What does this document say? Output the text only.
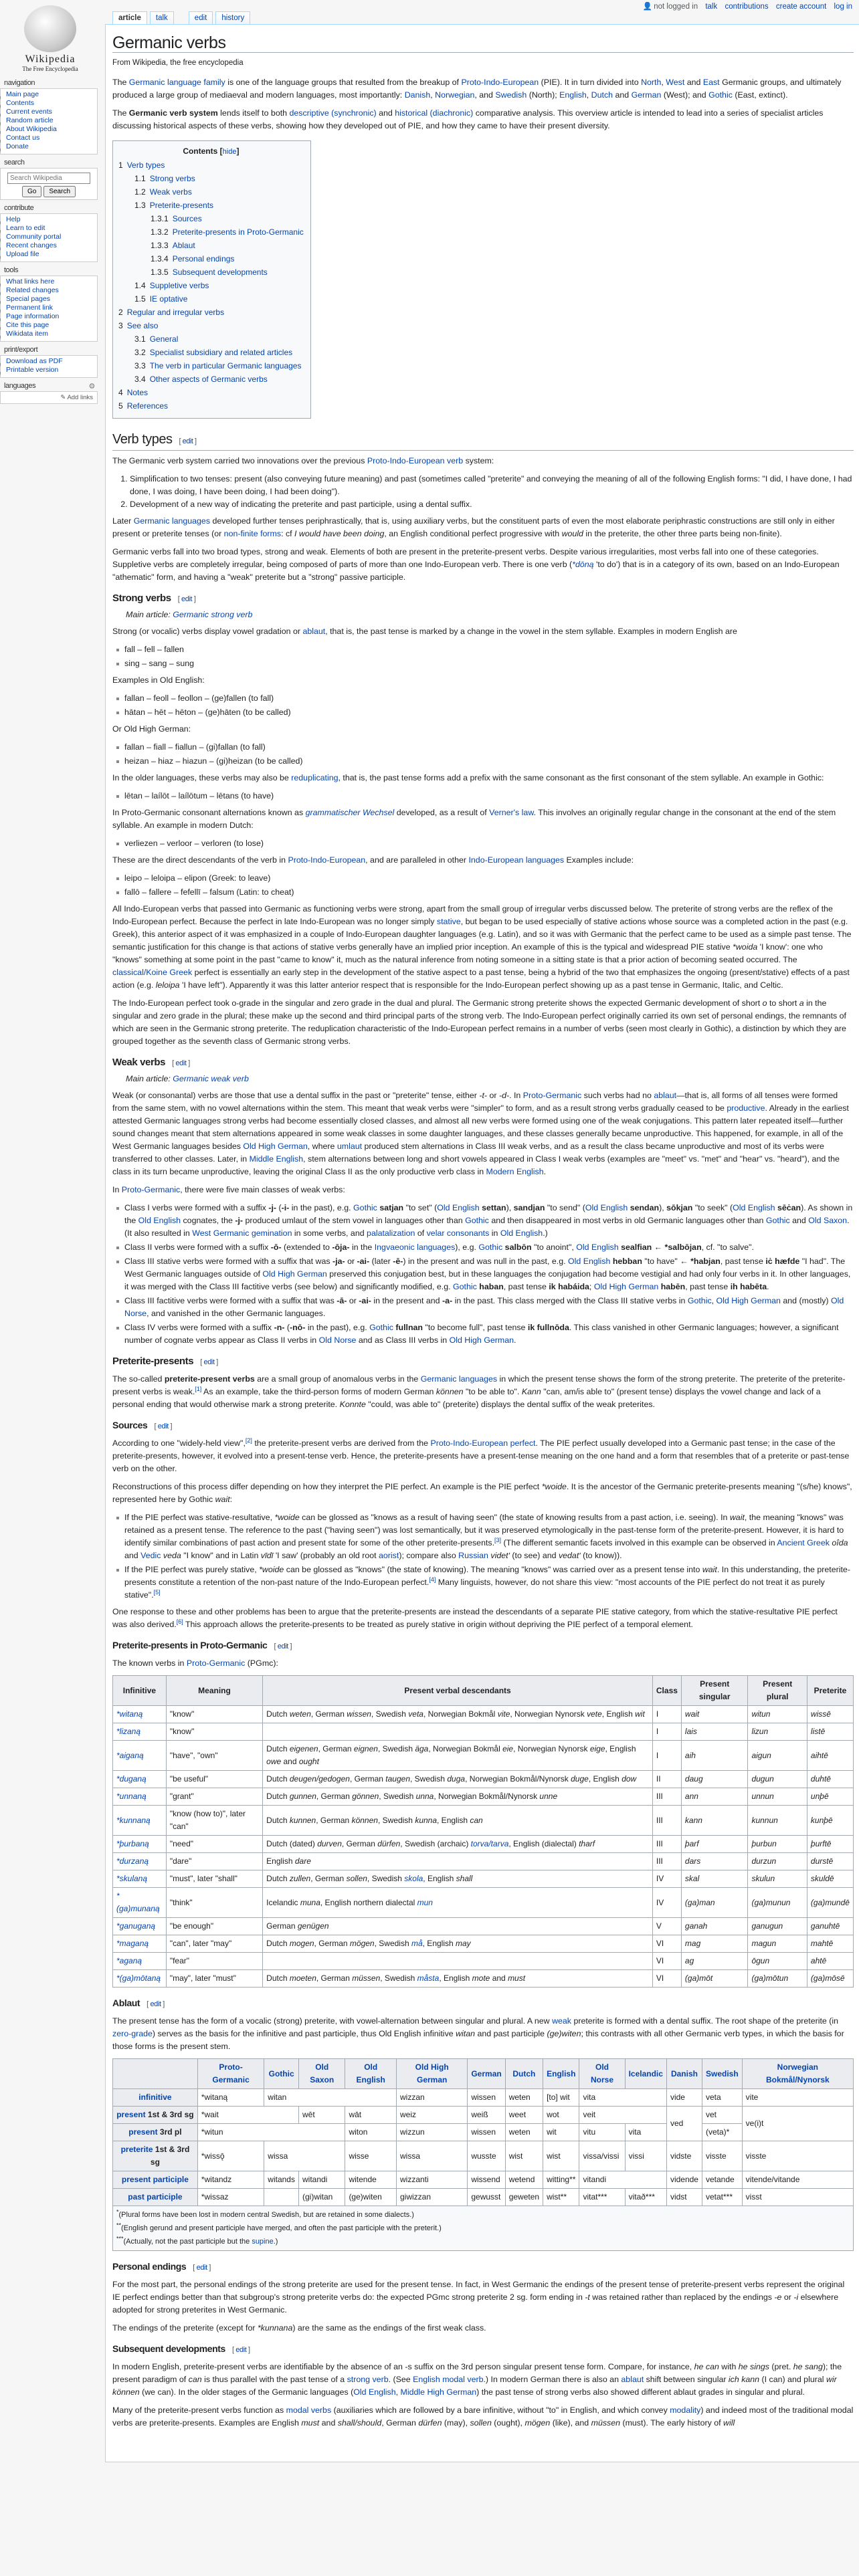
Wikipedia
The Free Encyclopedia
navigation
■ Main page
■ Contents
■ Current events
■ Random article
■ About Wikipedia
■ Contact us
■ Donate
search
Search Wikipedia
Go Search
contribute
■ Help
■ Learn to edit
■ Community portal
■ Recent changes
■ Upload file
tools
■ What links here
■ Related changes
■ Special pages
■ Permanent link
■ Page information
■ Cite this page
■ Wikidata item
print/export
■ Download as PDF
■ Printable version
languages	⚙
✎ Add links
👤 not logged in talk contributions create account log in
article	talk	edit	history
Germanic verbs
From Wikipedia, the free encyclopedia

The Germanic language family is one of the language groups that resulted from the breakup of Proto-Indo-European (PIE). It in turn divided into North, West and East Germanic groups, and ultimately produced a large group of mediaeval and modern languages, most importantly: Danish, Norwegian, and Swedish (North); English, Dutch and German (West); and Gothic (East, extinct).

The Germanic verb system lends itself to both descriptive (synchronic) and historical (diachronic) comparative analysis. This overview article is intended to lead into a series of specialist articles discussing historical aspects of these verbs, showing how they developed out of PIE, and how they came to have their present diversity.

Contents [hide]
1 Verb types
1.1 Strong verbs
1.2 Weak verbs
1.3 Preterite-presents
1.3.1 Sources
1.3.2 Preterite-presents in Proto-Germanic
1.3.3 Ablaut
1.3.4 Personal endings
1.3.5 Subsequent developments
1.4 Suppletive verbs
1.5 IE optative
2 Regular and irregular verbs
3 See also
3.1 General
3.2 Specialist subsidiary and related articles
3.3 The verb in particular Germanic languages
3.4 Other aspects of Germanic verbs
4 Notes
5 References
Verb types [ edit ]

The Germanic verb system carried two innovations over the previous Proto-Indo-European verb system:

1. Simplification to two tenses: present (also conveying future meaning) and past (sometimes called "preterite" and conveying the meaning of all of the following English forms: "I did, I have done, I had done, I was doing, I have been doing, I had been doing").
2. Development of a new way of indicating the preterite and past participle, using a dental suffix.

Later Germanic languages developed further tenses periphrastically, that is, using auxiliary verbs, but the constituent parts of even the most elaborate periphrastic constructions are still only in either present or preterite tenses (or non-finite forms: cf I would have been doing, an English conditional perfect progressive with would in the preterite, the other three parts being non-finite).

Germanic verbs fall into two broad types, strong and weak. Elements of both are present in the preterite-present verbs. Despite various irregularities, most verbs fall into one of these categories. Suppletive verbs are completely irregular, being composed of parts of more than one Indo-European verb. There is one verb (*dōną 'to do') that is in a category of its own, based on an Indo-European "athematic" form, and having a "weak" preterite but a "strong" passive participle.

Strong verbs [ edit ]
Main article: Germanic strong verb

Strong (or vocalic) verbs display vowel gradation or ablaut, that is, the past tense is marked by a change in the vowel in the stem syllable. Examples in modern English are

fall – fell – fallen
sing – sang – sung

Examples in Old English:

fallan – feoll – feollon – (ge)fallen (to fall)
hātan – hēt – hēton – (ge)hāten (to be called)

Or Old High German:

fallan – fiall – fiallun – (gi)fallan (to fall)
heizan – hiaz – hiazun – (gi)heizan (to be called)

In the older languages, these verbs may also be reduplicating, that is, the past tense forms add a prefix with the same consonant as the first consonant of the stem syllable. An example in Gothic:

lētan – laílōt – laílōtum – lētans (to have)

In Proto-Germanic consonant alternations known as grammatischer Wechsel developed, as a result of Verner's law. This involves an originally regular change in the consonant at the end of the stem syllable. An example in modern Dutch:

verliezen – verloor – verloren (to lose)

These are the direct descendants of the verb in Proto-Indo-European, and are paralleled in other Indo-European languages Examples include:

leipo – leloipa – elipon (Greek: to leave)
fallō – fallere – fefellī – falsum (Latin: to cheat)

All Indo-European verbs that passed into Germanic as functioning verbs were strong, apart from the small group of irregular verbs discussed below. The preterite of strong verbs are the reflex of the Indo-European perfect. Because the perfect in late Indo-European was no longer simply stative, but began to be used especially of stative actions whose source was a completed action in the past (e.g. Greek), this anterior aspect of it was emphasized in a couple of Indo-European daughter languages (e.g. Latin), and so it was with Germanic that the perfect came to be used as a simple past tense. The semantic justification for this change is that actions of stative verbs generally have an implied prior inception. An example of this is the typical and widespread PIE stative *woida 'I know': one who "knows" something at some point in the past "came to know" it, much as the natural inference from noting someone in a sitting state is that a prior action of becoming seated occurred. The classical/Koine Greek perfect is essentially an early step in the development of the stative aspect to a past tense, being a hybrid of the two that emphasizes the ongoing (present/stative) effects of a past action (e.g. leloipa 'I have left"). Apparently it was this latter anterior respect that is responsible for the Indo-European perfect showing up as a past tense in Germanic, Italic, and Celtic.

The Indo-European perfect took o-grade in the singular and zero grade in the dual and plural. The Germanic strong preterite shows the expected Germanic development of short o to short a in the singular and zero grade in the plural; these make up the second and third principal parts of the strong verb. The Indo-European perfect originally carried its own set of personal endings, the remnants of which are seen in the Germanic strong preterite. The reduplication characteristic of the Indo-European perfect remains in a number of verbs (seen most clearly in Gothic), a distinction by which they are grouped together as the seventh class of Germanic strong verbs.

Weak verbs [ edit ]
Main article: Germanic weak verb

Weak (or consonantal) verbs are those that use a dental suffix in the past or "preterite" tense, either -t- or -d-. In Proto-Germanic such verbs had no ablaut—that is, all forms of all tenses were formed from the same stem, with no vowel alternations within the stem. This meant that weak verbs were "simpler" to form, and as a result strong verbs gradually ceased to be productive. Already in the earliest attested Germanic languages strong verbs had become essentially closed classes, and almost all new verbs were formed using one of the weak conjugations. This pattern later repeated itself—further sound changes meant that stem alternations appeared in some weak classes in some daughter languages, and these classes generally became unproductive. This happened, for example, in all of the West Germanic languages besides Old High German, where umlaut produced stem alternations in Class III weak verbs, and as a result the class became unproductive and most of its verbs were transferred to other classes. Later, in Middle English, stem alternations between long and short vowels appeared in Class I weak verbs (examples are "meet" vs. "met" and "hear" vs. "heard"), and the class in its turn became unproductive, leaving the original Class II as the only productive verb class in Modern English.

In Proto-Germanic, there were five main classes of weak verbs:

Class I verbs were formed with a suffix -j- (-i- in the past), e.g. Gothic satjan "to set" (Old English settan), sandjan "to send" (Old English sendan), sōkjan "to seek" (Old English sēċan). As shown in the Old English cognates, the -j- produced umlaut of the stem vowel in languages other than Gothic and then disappeared in most verbs in old Germanic languages other than Gothic and Old Saxon. (It also resulted in West Germanic gemination in some verbs, and palatalization of velar consonants in Old English.)
Class II verbs were formed with a suffix -ō- (extended to -ōja- in the Ingvaeonic languages), e.g. Gothic salbōn "to anoint", Old English sealfian ← *salbōjan, cf. "to salve".
Class III stative verbs were formed with a suffix that was -ja- or -ai- (later -ē-) in the present and was null in the past, e.g. Old English hebban "to have" ← *habjan, past tense iċ hæfde "I had". The West Germanic languages outside of Old High German preserved this conjugation best, but in these languages the conjugation had become vestigial and had only four verbs in it. In other languages, it was merged with the Class III factitive verbs (see below) and significantly modified, e.g. Gothic haban, past tense ik habáida; Old High German habēn, past tense ih habēta.
Class III factitive verbs were formed with a suffix that was -ā- or -ai- in the present and -a- in the past. This class merged with the Class III stative verbs in Gothic, Old High German and (mostly) Old Norse, and vanished in the other Germanic languages.
Class IV verbs were formed with a suffix -n- (-nō- in the past), e.g. Gothic fullnan "to become full", past tense ik fullnōda. This class vanished in other Germanic languages; however, a significant number of cognate verbs appear as Class II verbs in Old Norse and as Class III verbs in Old High German.
Preterite-presents [ edit ]

The so-called preterite-present verbs are a small group of anomalous verbs in the Germanic languages in which the present tense shows the form of the strong preterite. The preterite of the preterite-present verbs is weak.[1] As an example, take the third-person forms of modern German können "to be able to". Kann "can, am/is able to" (present tense) displays the vowel change and lack of a personal ending that would otherwise mark a strong preterite. Konnte "could, was able to" (preterite) displays the dental suffix of the weak preterites.

Sources [ edit ]

According to one "widely-held view",[2] the preterite-present verbs are derived from the Proto-Indo-European perfect. The PIE perfect usually developed into a Germanic past tense; in the case of the preterite-presents, however, it evolved into a present-tense verb. Hence, the preterite-presents have a present-tense meaning on the one hand and a form that resembles that of a preterite or past-tense verb on the other.

Reconstructions of this process differ depending on how they interpret the PIE perfect. An example is the PIE perfect *woide. It is the ancestor of the Germanic preterite-presents meaning "(s/he) knows", represented here by Gothic wait:

If the PIE perfect was stative-resultative, *woide can be glossed as "knows as a result of having seen" (the state of knowing results from a past action, i.e. seeing). In wait, the meaning "knows" was retained as a present tense. The reference to the past ("having seen") was lost semantically, but it was preserved etymologically in the past-tense form of the preterite-present. However, it is hard to identify similar combinations of past action and present state for some of the other preterite-presents.[3] (The different semantic facets involved in this example can be observed in Ancient Greek oîda and Vedic veda "I know" and in Latin vīdī 'I saw' (probably an old root aorist); compare also Russian videtʹ (to see) and vedatʹ (to know)).
If the PIE perfect was purely stative, *woide can be glossed as "knows" (the state of knowing). The meaning "knows" was carried over as a present tense into wait. In this understanding, the preterite-presents constitute a retention of the non-past nature of the Indo-European perfect.[4] Many linguists, however, do not share this view: "most accounts of the PIE perfect do not treat it as purely stative".[5]

One response to these and other problems has been to argue that the preterite-presents are instead the descendants of a separate PIE stative category, from which the stative-resultative PIE perfect was also derived.[6] This approach allows the preterite-presents to be treated as purely stative in origin without depriving the PIE perfect of a temporal element.

Preterite-presents in Proto-Germanic [ edit ]

The known verbs in Proto-Germanic (PGmc):

Infinitive	Meaning	Present verbal descendants	Class	Present singular	Present plural	Preterite
*witaną	"know"	Dutch weten, German wissen, Swedish veta, Norwegian Bokmål vite, Norwegian Nynorsk vete, English wit	I	wait	witun	wissē
*lizaną	"know"		I	lais	lizun	listē
*aiganą	"have", "own"	Dutch eigenen, German eignen, Swedish äga, Norwegian Bokmål eie, Norwegian Nynorsk eige, English owe and ought	I	aih	aigun	aihtē
*duganą	"be useful"	Dutch deugen/gedogen, German taugen, Swedish duga, Norwegian Bokmål/Nynorsk duge, English dow	II	daug	dugun	duhtē
*unnaną	"grant"	Dutch gunnen, German gönnen, Swedish unna, Norwegian Bokmål/Nynorsk unne	III	ann	unnun	unþē
*kunnaną	"know (how to)", later "can"	Dutch kunnen, German können, Swedish kunna, English can	III	kann	kunnun	kunþē
*þurbaną	"need"	Dutch (dated) durven, German dürfen, Swedish (archaic) torva/tarva, English (dialectal) tharf	III	þarf	þurbun	þurftē
*durzaną	"dare"	English dare	III	dars	durzun	durstē
*skulaną	"must", later "shall"	Dutch zullen, German sollen, Swedish skola, English shall	IV	skal	skulun	skuldē
*(ga)munaną	"think"	Icelandic muna, English northern dialectal mun	IV	(ga)man	(ga)munun	(ga)mundē
*ganuganą	"be enough"	German genügen	V	ganah	ganugun	ganuhtē
*maganą	"can", later "may"	Dutch mogen, German mögen, Swedish må, English may	VI	mag	magun	mahtē
*aganą	"fear"		VI	ag	ōgun	ahtē
*(ga)mōtaną	"may", later "must"	Dutch moeten, German müssen, Swedish måsta, English mote and must	VI	(ga)mōt	(ga)mōtun	(ga)mōsē
Ablaut [ edit ]

The present tense has the form of a vocalic (strong) preterite, with vowel-alternation between singular and plural. A new weak preterite is formed with a dental suffix. The root shape of the preterite (in zero-grade) serves as the basis for the infinitive and past participle, thus Old English infinitive witan and past participle (ge)witen; this contrasts with all other Germanic verb types, in which the basis for those forms is the present stem.

	Proto-Germanic	Gothic	Old Saxon	Old English	Old High German	German	Dutch	English	Old Norse	Icelandic	Danish	Swedish	Norwegian Bokmål/Nynorsk
infinitive	*witaną	witan			wizzan	wissen	weten	[to] wit	vita		vide	veta	vite
present 1st & 3rd sg	*wait		wēt	wāt	weiz	weiß	weet	wot	veit		ved	vet	ve(i)t
present 3rd pl	*witun			witon	wizzun	wissen	weten	wit	vitu	vita		(veta)*	
preterite 1st & 3rd sg	*wissǭ	wissa		wisse	wissa	wusste	wist	wist	vissa/vissi	vissi	vidste	visste	visste
present participle	*witandz	witands	witandi	witende	wizzanti	wissend	wetend	witting**	vitandi		vidende	vetande	vitende/vitande
past participle	*wissaz		(gi)witan	(ge)witen	giwizzan	gewusst	geweten	wist**	vitat***	vitað***	vidst	vetat***	visst

*(Plural forms have been lost in modern central Swedish, but are retained in some dialects.)
**(English gerund and present participle have merged, and often the past participle with the preterit.)
***(Actually, not the past participle but the supine.)													
Personal endings [ edit ]

For the most part, the personal endings of the strong preterite are used for the present tense. In fact, in West Germanic the endings of the present tense of preterite-present verbs represent the original IE perfect endings better than that subgroup's strong preterite verbs do: the expected PGmc strong preterite 2 sg. form ending in -t was retained rather than replaced by the endings -e or -i elsewhere adopted for strong preterites in West Germanic.

The endings of the preterite (except for *kunnana) are the same as the endings of the first weak class.

Subsequent developments [ edit ]

In modern English, preterite-present verbs are identifiable by the absence of an -s suffix on the 3rd person singular present tense form. Compare, for instance, he can with he sings (pret. he sang); the present paradigm of can is thus parallel with the past tense of a strong verb. (See English modal verb.) In modern German there is also an ablaut shift between singular ich kann (I can) and plural wir können (we can). In the older stages of the Germanic languages (Old English, Middle High German) the past tense of strong verbs also showed different ablaut grades in singular and plural.

Many of the preterite-present verbs function as modal verbs (auxiliaries which are followed by a bare infinitive, without "to" in English, and which convey modality) and indeed most of the traditional modal verbs are preterite-presents. Examples are English must and shall/should, German dürfen (may), sollen (ought), mögen (like), and müssen (must). The early history of will
